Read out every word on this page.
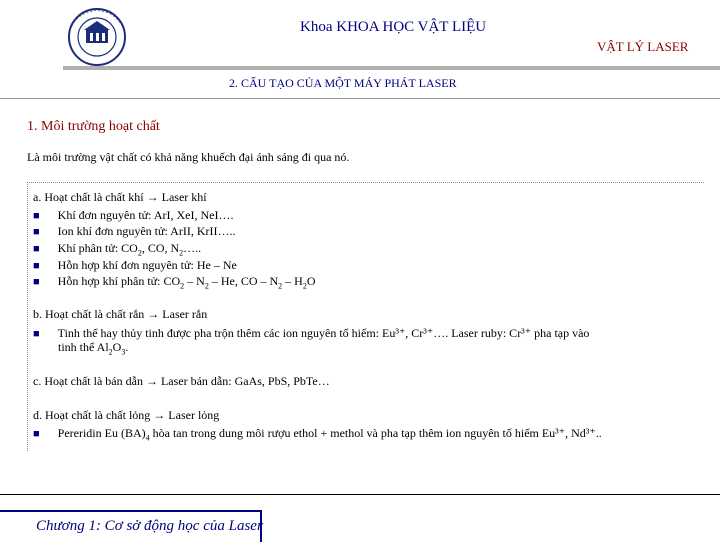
Khoa KHOA HỌC VẬT LIỆU
VẬT LÝ LASER
2. CẤU TẠO CỦA MỘT MÁY PHÁT LASER
1. Môi trường hoạt chất
Là môi trường vật chất có khả năng khuếch đại ánh sáng đi qua nó.
a. Hoạt chất là chất khí → Laser khí
■ Khí đơn nguyên tử: ArI, XeI, NeI….
■ Ion khí đơn nguyên tử: ArII, KrII…..
■ Khí phân tử: $CO_2$, CO, $N_2\dots$..
■ Hỗn hợp khí đơn nguyên tử: He – Ne
■ Hỗn hợp khí phân tử: $CO_2 - N_2$ – He, CO – $N_2 - H_2O$
b. Hoạt chất là chất rắn → Laser rắn
■ Tinh thể hay thủy tinh được pha trộn thêm các ion nguyên tố hiếm: Eu³⁺, Cr³⁺…. Laser ruby: Cr³⁺ pha tạp vào
tinh thể $Al_2O_3$.
c. Hoạt chất là bán dẫn → Laser bán dẫn: GaAs, PbS, PbTe…
d. Hoạt chất là chất lỏng → Laser lỏng
■ Pereridin Eu $(BA)_4$ hòa tan trong dung môi rượu ethol + methol và pha tạp thêm ion nguyên tố hiếm Eu³⁺, Nd³⁺..
Chương 1: Cơ sở động học của Laser
